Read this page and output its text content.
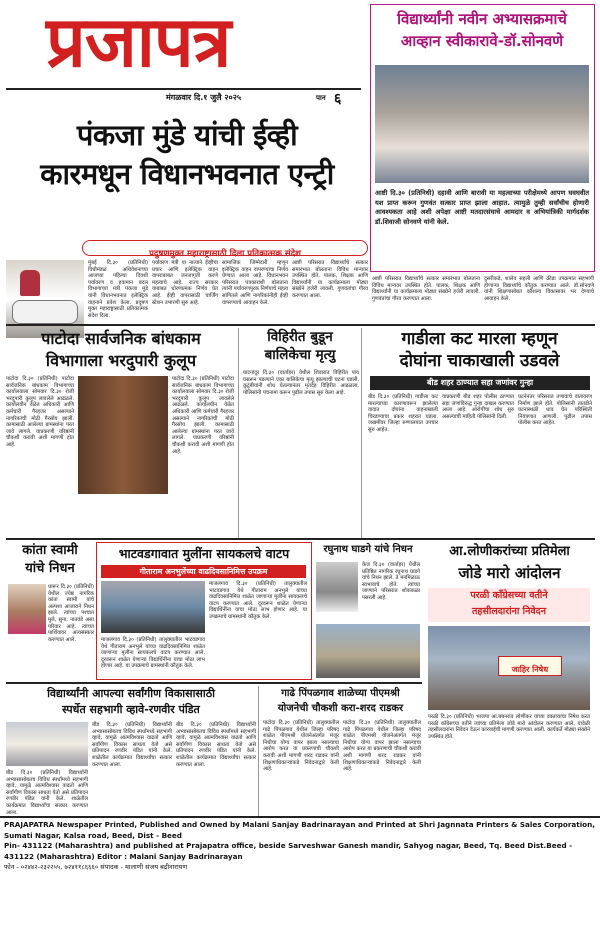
प्रजापत्र
मंगळवार दि.१ जुलै २०२५	पान ६
विद्यार्थ्यांनी नवीन अभ्यासक्रमाचे
आव्हान स्वीकारावे-डॉ.सोनवणे
आष्टी दि.३० (प्रतिनिधी) दहावी आणि बारावी या महत्वाच्या परीक्षेमध्ये आपण घवघवीत यश प्राप्त करून गुणवंत सत्कार प्राप्त झाला आहात. त्यामुळे तुम्ही सर्वांचीच होणारी आवश्यकता आहे अशी अपेक्षा आष्टी मतदारसंघाचे आमदार व अभियांत्रिकी मार्गदर्शक डॉ.शिवाजी सोनवणे यांनी केले.
पंकजा मुंडे यांची ईव्ही
कारमधून विधानभवनात एन्ट्री
प्रदुषणमुक्त महाराष्ट्रासाठी दिला प्रतिकात्मक संदेश
मुंबई दि.३० (प्रतिनिधी) विधीमंडळ अधिवेशनाच्या आजच्या पहिल्या दिवशी पर्यावरण व हवामान बदल विभागाच्या मंत्री पंकजा मुंडे यांनी विधानभवनात इलेक्ट्रिक वाहनाने प्रवेश केला. प्रदूषण मुक्त महाराष्ट्रासाठी प्रतिकात्मक संदेश दिला.
पर्यावरण मंत्री या नात्याने ईव्हीचा प्रचार आणि इलेक्ट्रिक वाहन वापराबाबत जनजागृती करणे महत्वाचे आहे. राज्य सरकार याबाबत धोरणात्मक निर्णय घेत आहे. ईव्ही वापरासाठी चार्जिंग स्टेशन उभारणी सुरु आहे.
सामाजिक जिम्मेदारी म्हणून इलेक्ट्रिक वाहन वापरण्याचा निर्णय घेण्यात आला आहे. विधानभवन परिसरात पत्रकारांशी बोलताना त्यांनी पर्यावरणपूरक निर्णयाचे महत्व सांगितले आणि नागरिकांनीही ईव्ही वापरण्याचे आवाहन केले.
आष्टी परिसरात विद्यार्थ्यांचे सत्कार समारंभात बोलताना विविध मान्यवर उपस्थित होते. पालक, शिक्षक आणि विद्यार्थ्यांनी या कार्यक्रमाला मोठ्या संख्येने हजेरी लावली. गुणवंतांचा गौरव करण्यात आला.
आष्टी परिसरात विद्यार्थ्यांचे सत्कार समारंभात बोलताना विविध मान्यवर उपस्थित होते. पालक, शिक्षक आणि विद्यार्थ्यांनी या कार्यक्रमाला मोठ्या संख्येने हजेरी लावली. गुणवंतांचा गौरव करण्यात आला.
दुसरीकडे, शालेय सहली आणि क्रीडा उपक्रमात सहभागी होणाऱ्या विद्यार्थ्यांचे कौतुक करण्यात आले. डॉ.सोनवणे यांनी शिक्षणासोबत कौशल्य विकासावर भर देण्याचे आवाहन केले.
पाटोदा सार्वजनिक बांधकाम
विभागाला भरदुपारी कुलूप
पाटोदा दि.३० (प्रतिनिधी) पाटोदा सार्वजनिक बांधकाम विभागाच्या कार्यालयाला सोमवार दि.३० रोजी भरदुपारी कुलूप लावलेले आढळले. कार्यालयीन वेळेत अधिकारी आणि कर्मचारी गैरहजर असल्याने नागरिकांची मोठी गैरसोय झाली. कामासाठी आलेल्या ग्रामस्थांना परत जावे लागले. याप्रकरणी वरिष्ठांनी चौकशी करावी अशी मागणी होत आहे.
पाटोदा दि.३० (प्रतिनिधी) पाटोदा सार्वजनिक बांधकाम विभागाच्या कार्यालयाला सोमवार दि.३० रोजी भरदुपारी कुलूप लावलेले आढळले. कार्यालयीन वेळेत अधिकारी आणि कर्मचारी गैरहजर असल्याने नागरिकांची मोठी गैरसोय झाली. कामासाठी आलेल्या ग्रामस्थांना परत जावे लागले. याप्रकरणी वरिष्ठांनी चौकशी करावी अशी मागणी होत आहे.
विहिरीत बुडून
बालिकेचा मृत्यु
घाटनांदूर दि.३० (वार्ताहर) येथील शिवारात विहिरीत पाय घसरून पडल्याने एका बालिकेचा मृत्यू झाल्याची घटना घडली. कुटुंबीयांनी शोध घेतल्यानंतर मृतदेह विहिरीत आढळला. पोलिसांनी पंचनामा करून पुढील तपास सुरु केला आहे.
गाडीला कट मारला म्हणून
दोघांना चाकाखाली उडवले
बीड शहर ठाण्यात सहा जणांवर गुन्हा
बीड दि.३० (प्रतिनिधी) गाडीला कट मारल्याच्या कारणावरून झालेल्या वादात दोघांना वाहनाखाली चिरडण्याचा प्रकार शहरात घडला. जखमींवर जिल्हा रुग्णालयात उपचार सुरु आहेत.
याप्रकरणी बीड शहर पोलीस ठाण्यात सहा जणांविरुद्ध गुन्हा दाखल करण्यात आला आहे. आरोपींचा शोध सुरु असल्याची माहिती पोलिसांनी दिली.
घटनेनंतर परिसरात तणावाचे वातावरण निर्माण झाले होते. पोलिसांनी तातडीने घटनास्थळी धाव घेत परिस्थिती नियंत्रणात आणली. पुढील तपास पोलीस करत आहेत.
कांता स्वामी
यांचे निधन
धारूर दि.३० (प्रतिनिधी) येथील ज्येष्ठ नागरिक कांता स्वामी यांचे अल्पशा आजाराने निधन झाले. त्यांच्या पश्चात मुले, सुना, नातवंडे असा परिवार आहे. त्यांच्या पार्थिवावर अंत्यसंस्कार करण्यात आले.
भाटवडगावात मुलींना सायकलचे वाटप
गीताराम अनभुलेंच्या वाढदिवसानिमित्त उपक्रम
माजलगाव दि.३० (प्रतिनिधी) तालुक्यातील भाटवडगाव येथे गीताराम अनभुले यांच्या वाढदिवसानिमित्त शाळेत जाणाऱ्या मुलींना सायकलचे वाटप करण्यात आले. दूरवरून शाळेत येणाऱ्या विद्यार्थिनींना याचा मोठा लाभ होणार आहे. या उपक्रमाचे ग्रामस्थांनी कौतुक केले.
माजलगाव दि.३० (प्रतिनिधी) तालुक्यातील भाटवडगाव येथे गीताराम अनभुले यांच्या वाढदिवसानिमित्त शाळेत जाणाऱ्या मुलींना सायकलचे वाटप करण्यात आले. दूरवरून शाळेत येणाऱ्या विद्यार्थिनींना याचा मोठा लाभ होणार आहे. या उपक्रमाचे ग्रामस्थांनी कौतुक केले.
रघुनाथ घाडगे यांचे निधन
केज दि.३० (वार्ताहर) येथील प्रतिष्ठित नागरिक रघुनाथ घाडगे यांचे निधन झाले. ते मनमिळाऊ स्वभावाचे होते. त्यांच्या जाण्याने परिसरात शोककळा पसरली आहे.
आ.लोणीकरांच्या प्रतिमेला
जोडे मारो आंदोलन
परळी काँग्रेसच्या वतीने
तहसीलदारांना निवेदन
जाहिर निषेध
परळी दि.३० (प्रतिनिधी) भाजपा आ.बबनराव लोणीकर यांच्या वक्तव्याचा निषेध करत परळी काँग्रेसच्या वतीने त्यांच्या प्रतिमेला जोडे मारो आंदोलन करण्यात आले. यावेळी तहसीलदारांना निवेदन देऊन कारवाईची मागणी करण्यात आली. कार्यकर्ते मोठ्या संख्येने उपस्थित होते.
विद्यार्थ्यांनी आपल्या सर्वांगीण विकासासाठी
स्पर्धेत सहभागी व्हावे-रणवीर पंडित
बीड दि.३० (प्रतिनिधी) विद्यार्थ्यांनी अभ्यासासोबतच विविध स्पर्धांमध्ये सहभागी व्हावे, यामुळे आत्मविश्वास वाढतो आणि सर्वांगीण विकास साधता येतो असे प्रतिपादन रणवीर पंडित यांनी केले. शाळेतील कार्यक्रमात विद्यार्थ्यांचा सत्कार करण्यात आला.
बीड दि.३० (प्रतिनिधी) विद्यार्थ्यांनी अभ्यासासोबतच विविध स्पर्धांमध्ये सहभागी व्हावे, यामुळे आत्मविश्वास वाढतो आणि सर्वांगीण विकास साधता येतो असे प्रतिपादन रणवीर पंडित यांनी केले. शाळेतील कार्यक्रमात विद्यार्थ्यांचा सत्कार करण्यात आला.
बीड दि.३० (प्रतिनिधी) विद्यार्थ्यांनी अभ्यासासोबतच विविध स्पर्धांमध्ये सहभागी व्हावे, यामुळे आत्मविश्वास वाढतो आणि सर्वांगीण विकास साधता येतो असे प्रतिपादन रणवीर पंडित यांनी केले. शाळेतील कार्यक्रमात विद्यार्थ्यांचा सत्कार करण्यात आला.
गाढे पिंपळगाव शाळेच्या पीएमश्री
योजनेची चौकशी करा-शरद राडकर
पाटोदा दि.३० (प्रतिनिधी) तालुक्यातील गाढे पिंपळगाव येथील जिल्हा परिषद शाळेत पीएमश्री योजनेअंतर्गत मंजूर निधीचा योग्य वापर झाला नसल्याचा आरोप करत या प्रकरणाची चौकशी करावी अशी मागणी शरद राडकर यांनी शिक्षणाधिकाऱ्यांकडे निवेदनाद्वारे केली आहे.
पाटोदा दि.३० (प्रतिनिधी) तालुक्यातील गाढे पिंपळगाव येथील जिल्हा परिषद शाळेत पीएमश्री योजनेअंतर्गत मंजूर निधीचा योग्य वापर झाला नसल्याचा आरोप करत या प्रकरणाची चौकशी करावी अशी मागणी शरद राडकर यांनी शिक्षणाधिकाऱ्यांकडे निवेदनाद्वारे केली आहे.
PRAJAPATRA Newspaper Printed, Published and Owned by Malani Sanjay Badrinarayan and Printed at Shri Jagnnata Printers & Sales Corporation, Sumati Nagar, Kalsa road, Beed, Dist - Beed
Pin- 431122 (Maharashtra) and published at Prajapatra office, beside Sarveshwar Ganesh mandir, Sahyog nagar, Beed, Tq. Beed Dist.Beed - 431122 (Maharashtra) Editor : Malani Sanjay Badrinarayan
फोन - ०२४४२-२३२२५५, ७२४११८६६६० संपादक - मालाणी संजय बद्रीनारायण
